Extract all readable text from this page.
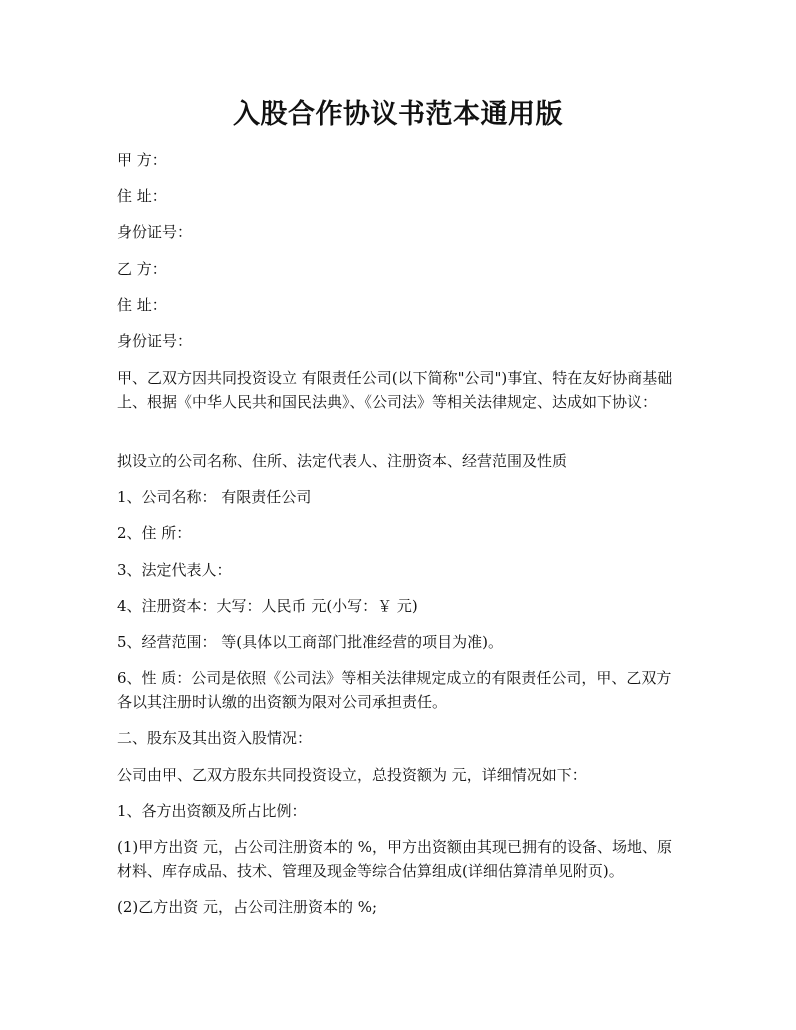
入股合作协议书范本通用版

甲 方：

住 址：

身份证号：

乙 方：

住 址：

身份证号：

甲、乙双方因共同投资设立 有限责任公司(以下简称"公司")事宜、特在友好协商基础上、根据《中华人民共和国民法典》、《公司法》等相关法律规定、达成如下协议：

拟设立的公司名称、住所、法定代表人、注册资本、经营范围及性质

1、公司名称： 有限责任公司

2、住 所：

3、法定代表人：

4、注册资本：大写：人民币 元(小写：￥ 元)

5、经营范围： 等(具体以工商部门批准经营的项目为准)。

6、性 质：公司是依照《公司法》等相关法律规定成立的有限责任公司，甲、乙双方各以其注册时认缴的出资额为限对公司承担责任。

二、股东及其出资入股情况：

公司由甲、乙双方股东共同投资设立，总投资额为 元，详细情况如下：

1、各方出资额及所占比例：

(1)甲方出资 元，占公司注册资本的 %，甲方出资额由其现已拥有的设备、场地、原材料、库存成品、技术、管理及现金等综合估算组成(详细估算清单见附页)。

(2)乙方出资 元，占公司注册资本的 %;
